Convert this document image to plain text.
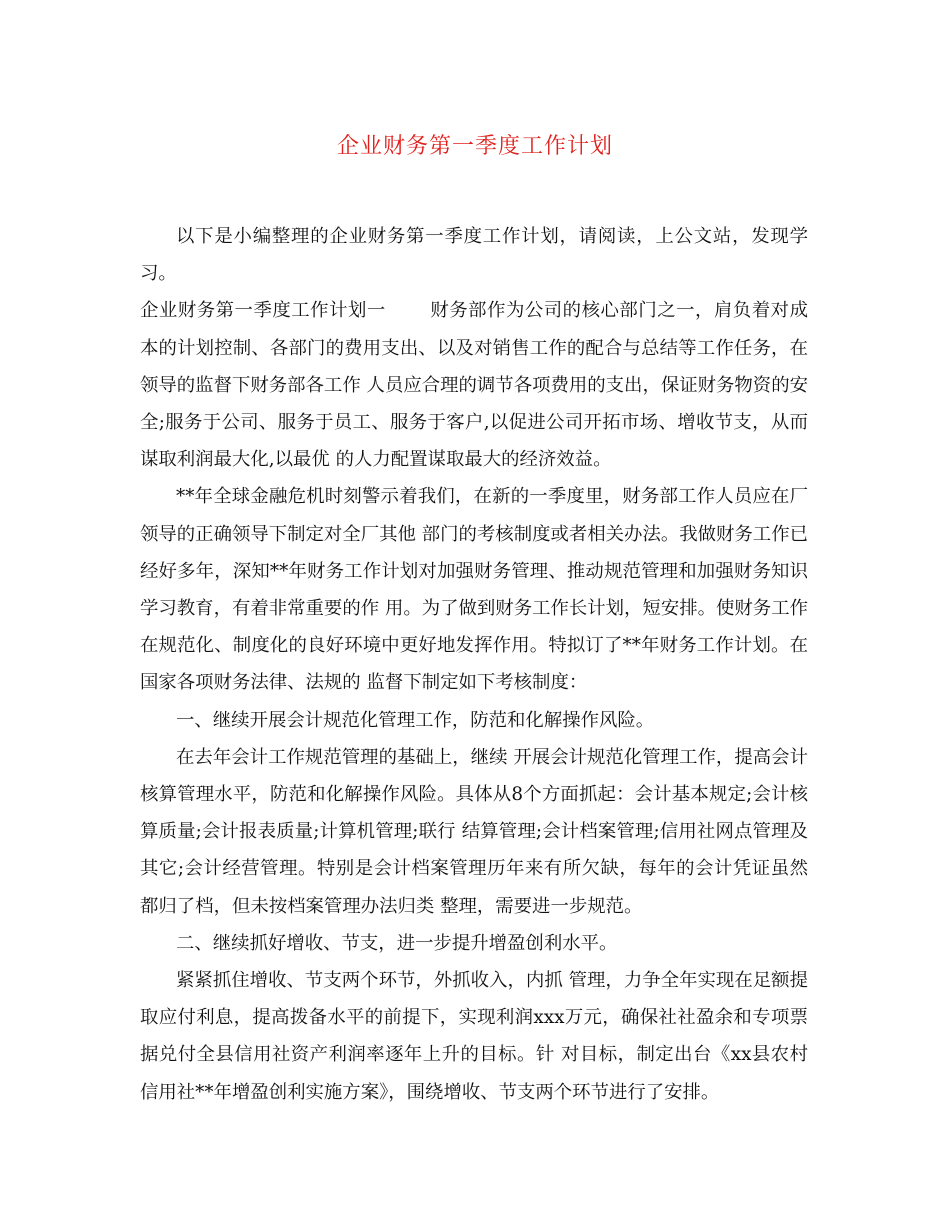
企业财务第一季度工作计划

以下是小编整理的企业财务第一季度工作计划，请阅读，上公文站，发现学习。

企业财务第一季度工作计划一 财务部作为公司的核心部门之一，肩负着对成本的计划控制、各部门的费用支出、以及对销售工作的配合与总结等工作任务，在领导的监督下财务部各工作 人员应合理的调节各项费用的支出，保证财务物资的安全;服务于公司、服务于员工、服务于客户,以促进公司开拓市场、增收节支，从而谋取利润最大化,以最优 的人力配置谋取最大的经济效益。

**年全球金融危机时刻警示着我们，在新的一季度里，财务部工作人员应在厂领导的正确领导下制定对全厂其他 部门的考核制度或者相关办法。我做财务工作已经好多年，深知**年财务工作计划对加强财务管理、推动规范管理和加强财务知识学习教育，有着非常重要的作 用。为了做到财务工作长计划，短安排。使财务工作在规范化、制度化的良好环境中更好地发挥作用。特拟订了**年财务工作计划。在国家各项财务法律、法规的 监督下制定如下考核制度：

一、继续开展会计规范化管理工作，防范和化解操作风险。

在去年会计工作规范管理的基础上，继续 开展会计规范化管理工作，提高会计核算管理水平，防范和化解操作风险。具体从8个方面抓起：会计基本规定;会计核算质量;会计报表质量;计算机管理;联行 结算管理;会计档案管理;信用社网点管理及其它;会计经营管理。特别是会计档案管理历年来有所欠缺，每年的会计凭证虽然都归了档，但未按档案管理办法归类 整理，需要进一步规范。

二、继续抓好增收、节支，进一步提升增盈创利水平。

紧紧抓住增收、节支两个环节，外抓收入，内抓 管理，力争全年实现在足额提取应付利息，提高拨备水平的前提下，实现利润xxx万元，确保社社盈余和专项票据兑付全县信用社资产利润率逐年上升的目标。针 对目标，制定出台《xx县农村信用社**年增盈创利实施方案》，围绕增收、节支两个环节进行了安排。
